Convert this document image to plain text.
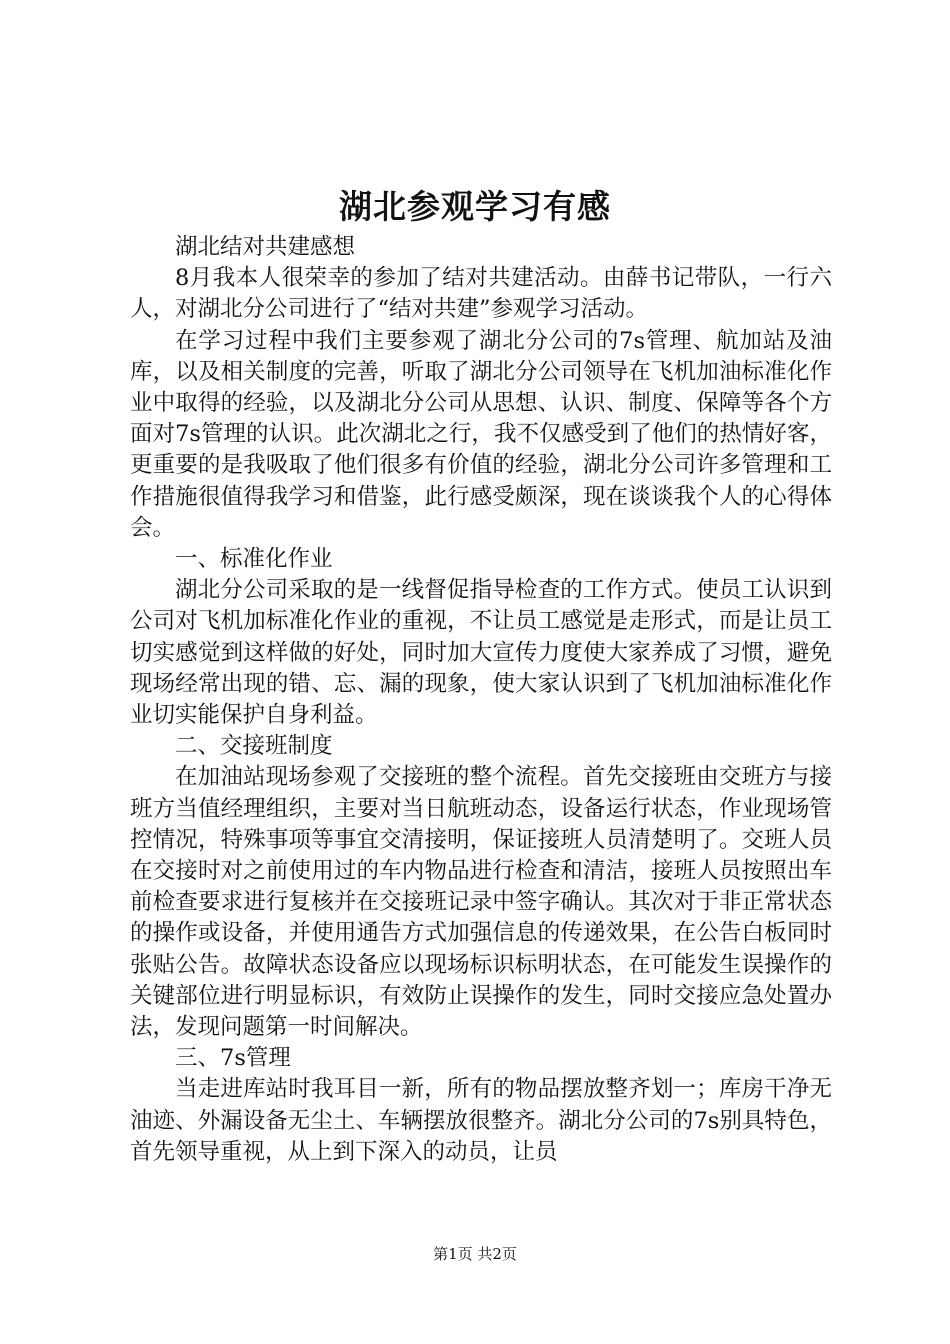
湖北参观学习有感

湖北结对共建感想

8月我本人很荣幸的参加了结对共建活动。由薛书记带队，一行六人，对湖北分公司进行了“结对共建”参观学习活动。

在学习过程中我们主要参观了湖北分公司的7s管理、航加站及油库，以及相关制度的完善，听取了湖北分公司领导在飞机加油标准化作业中取得的经验，以及湖北分公司从思想、认识、制度、保障等各个方面对7s管理的认识。此次湖北之行，我不仅感受到了他们的热情好客，更重要的是我吸取了他们很多有价值的经验，湖北分公司许多管理和工作措施很值得我学习和借鉴，此行感受颇深，现在谈谈我个人的心得体会。

一、标准化作业

湖北分公司采取的是一线督促指导检查的工作方式。使员工认识到公司对飞机加标准化作业的重视，不让员工感觉是走形式，而是让员工切实感觉到这样做的好处，同时加大宣传力度使大家养成了习惯，避免现场经常出现的错、忘、漏的现象，使大家认识到了飞机加油标准化作业切实能保护自身利益。

二、交接班制度

在加油站现场参观了交接班的整个流程。首先交接班由交班方与接班方当值经理组织，主要对当日航班动态，设备运行状态，作业现场管控情况，特殊事项等事宜交清接明，保证接班人员清楚明了。交班人员在交接时对之前使用过的车内物品进行检查和清洁，接班人员按照出车前检查要求进行复核并在交接班记录中签字确认。其次对于非正常状态的操作或设备，并使用通告方式加强信息的传递效果，在公告白板同时张贴公告。故障状态设备应以现场标识标明状态，在可能发生误操作的关键部位进行明显标识，有效防止误操作的发生，同时交接应急处置办法，发现问题第一时间解决。

三、7s管理

当走进库站时我耳目一新，所有的物品摆放整齐划一；库房干净无油迹、外漏设备无尘土、车辆摆放很整齐。湖北分公司的7s别具特色，首先领导重视，从上到下深入的动员，让员

第1页 共2页
